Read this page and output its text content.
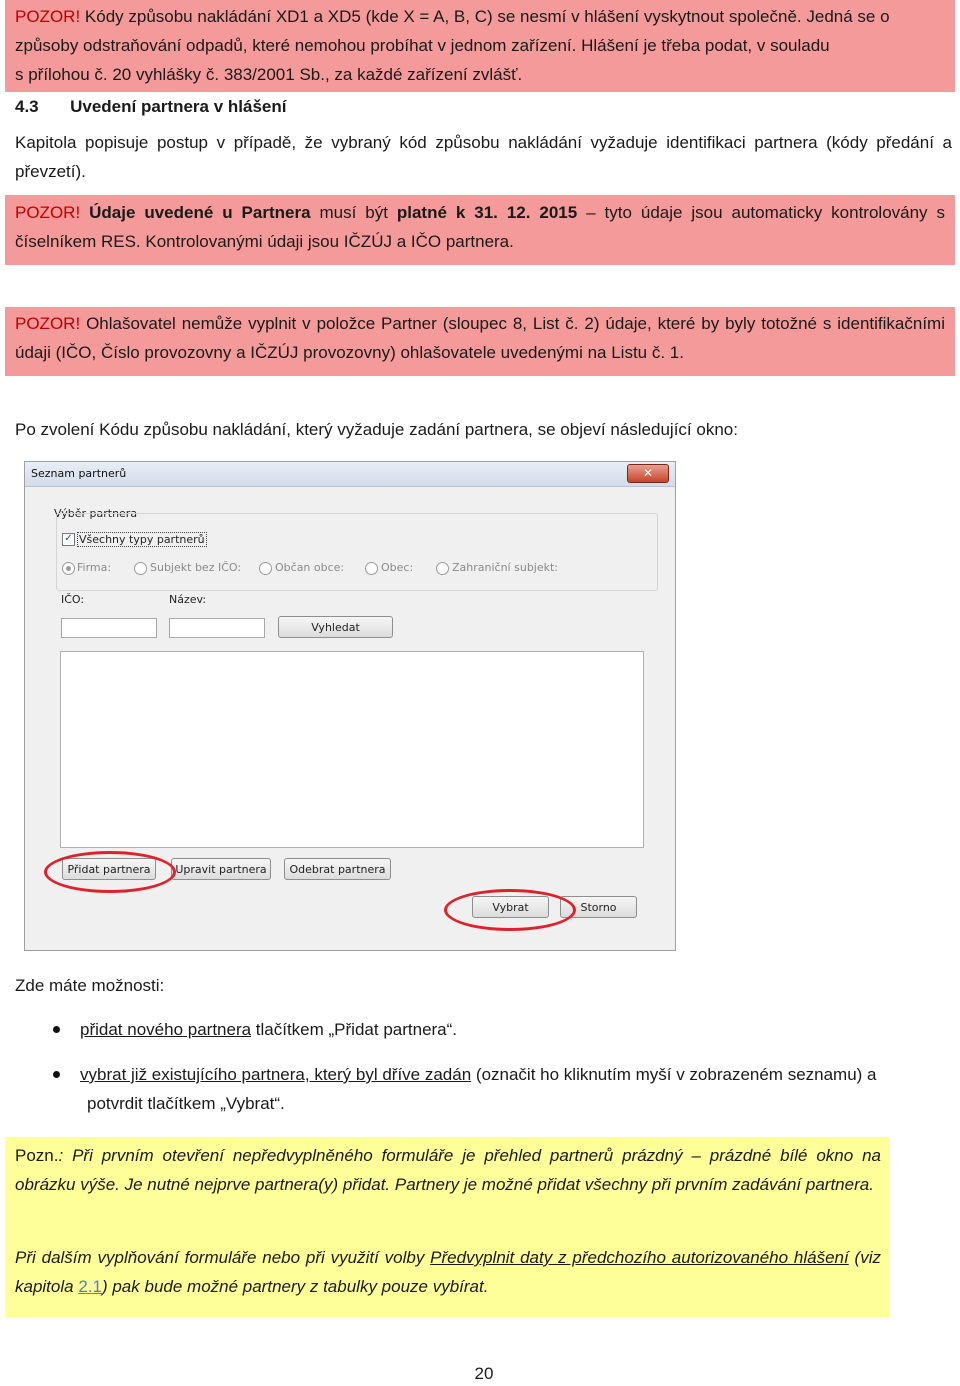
POZOR! Kódy způsobu nakládání XD1 a XD5 (kde X = A, B, C) se nesmí v hlášení vyskytnout společně. Jedná se o
způsoby odstraňování odpadů, které nemohou probíhat v jednom zařízení. Hlášení je třeba podat, v souladu
s přílohou č. 20 vyhlášky č. 383/2001 Sb., za každé zařízení zvlášť.
4.3 Uvedení partnera v hlášení
Kapitola popisuje postup v případě, že vybraný kód způsobu nakládání vyžaduje identifikaci partnera (kódy předání a převzetí).
POZOR! Údaje uvedené u Partnera musí být platné k 31. 12. 2015 – tyto údaje jsou automaticky kontrolovány s číselníkem RES. Kontrolovanými údaji jsou IČZÚJ a IČO partnera.
POZOR! Ohlašovatel nemůže vyplnit v položce Partner (sloupec 8, List č. 2) údaje, které by byly totožné s identifikačními údaji (IČO, Číslo provozovny a IČZÚJ provozovny) ohlašovatele uvedenými na Listu č. 1.
Po zvolení Kódu způsobu nakládání, který vyžaduje zadání partnera, se objeví následující okno:
Seznam partnerů	✕
Výběr partnera
✓ Všechny typy partnerů
Firma:	Subjekt bez IČO:	Občan obce:	Obec:	Zahraniční subjekt:
IČO:	Název:
Vyhledat
Přidat partnera	Upravit partnera	Odebrat partnera
Vybrat	Storno
Zde máte možnosti:
přidat nového partnera tlačítkem „Přidat partnera“.
vybrat již existujícího partnera, který byl dříve zadán (označit ho kliknutím myší v zobrazeném seznamu) a
potvrdit tlačítkem „Vybrat“.
Pozn.: Při prvním otevření nepředvyplněného formuláře je přehled partnerů prázdný – prázdné bílé okno na obrázku výše. Je nutné nejprve partnera(y) přidat. Partnery je možné přidat všechny při prvním zadávání partnera.
Při dalším vyplňování formuláře nebo při využití volby Předvyplnit daty z předchozího autorizovaného hlášení (viz kapitola 2.1) pak bude možné partnery z tabulky pouze vybírat.
20
